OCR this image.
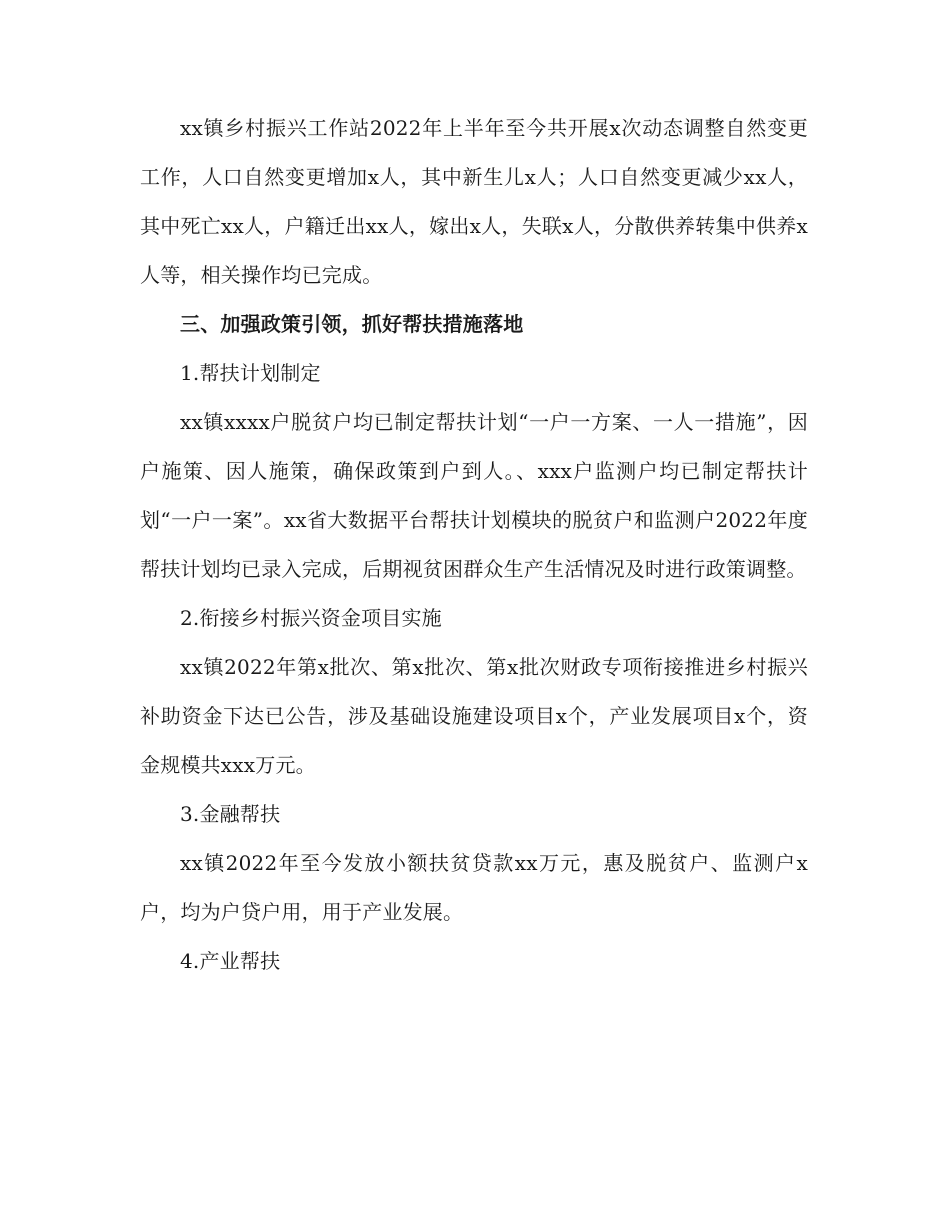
xx镇乡村振兴工作站2022年上半年至今共开展x次动态调整自然变更工作，人口自然变更增加x人，其中新生儿x人；人口自然变更减少xx人，其中死亡xx人，户籍迁出xx人，嫁出x人，失联x人，分散供养转集中供养x人等，相关操作均已完成。

三、加强政策引领，抓好帮扶措施落地

1.帮扶计划制定

xx镇xxxx户脱贫户均已制定帮扶计划“一户一方案、一人一措施”，因户施策、因人施策，确保政策到户到人。、xxx户监测户均已制定帮扶计划“一户一案”。xx省大数据平台帮扶计划模块的脱贫户和监测户2022年度帮扶计划均已录入完成，后期视贫困群众生产生活情况及时进行政策调整。

2.衔接乡村振兴资金项目实施

xx镇2022年第x批次、第x批次、第x批次财政专项衔接推进乡村振兴补助资金下达已公告，涉及基础设施建设项目x个，产业发展项目x个，资金规模共xxx万元。

3.金融帮扶

xx镇2022年至今发放小额扶贫贷款xx万元，惠及脱贫户、监测户x户，均为户贷户用，用于产业发展。

4.产业帮扶
